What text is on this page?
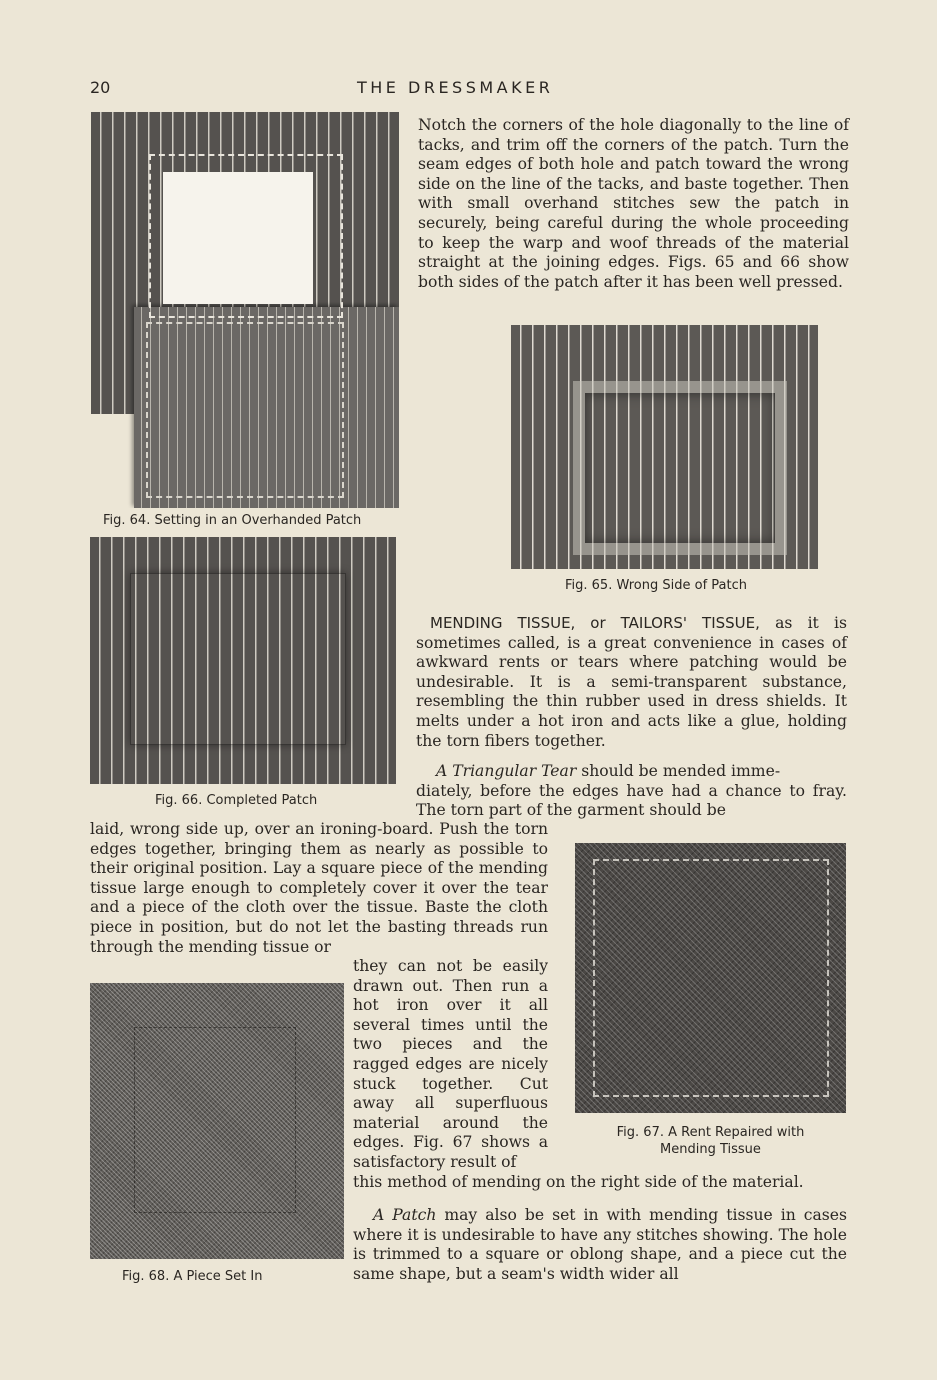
20	THE DRESSMAKER
Fig. 64. Setting in an Overhanded Patch

Notch the corners of the hole diagonally to the line of tacks, and trim off the corners of the patch. Turn the seam edges of both hole and patch toward the wrong side on the line of the tacks, and baste together. Then with small overhand stitches sew the patch in securely, being careful during the whole proceeding to keep the warp and woof threads of the material straight at the joining edges. Figs. 65 and 66 show both sides of the patch after it has been well pressed.

Fig. 65. Wrong Side of Patch
Fig. 66. Completed Patch

MENDING TISSUE, or TAILORS' TISSUE, as it is sometimes called, is a great convenience in cases of awkward rents or tears where patching would be undesirable. It is a semi-transparent substance, resembling the thin rubber used in dress shields. It melts under a hot iron and acts like a glue, holding the torn fibers together.

A Triangular Tear should be mended imme-

diately, before the edges have had a chance to fray. The torn part of the garment should be

laid, wrong side up, over an ironing-board. Push the torn edges together, bringing them as nearly as possible to their original position. Lay a square piece of the mending tissue large enough to completely cover it over the tear and a piece of the cloth over the tissue. Baste the cloth piece in position, but do not let the basting threads run through the mending tissue or

Fig. 67. A Rent Repaired with
Mending Tissue
Fig. 68. A Piece Set In

they can not be easily drawn out. Then run a hot iron over it all several times until the two pieces and the ragged edges are nicely stuck together. Cut away all superfluous material around the edges. Fig. 67 shows a satisfactory result of

this method of mending on the right side of the material.

A Patch may also be set in with mending tissue in cases where it is undesirable to have any stitches showing. The hole is trimmed to a square or oblong shape, and a piece cut the same shape, but a seam's width wider all
